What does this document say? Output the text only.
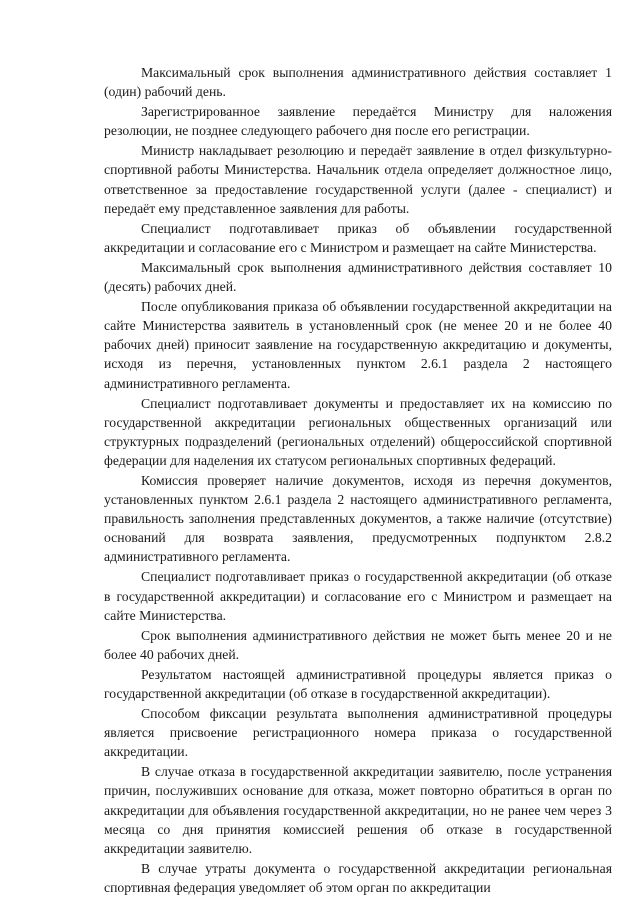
Максимальный срок выполнения административного действия составляет 1 (один) рабочий день.

Зарегистрированное заявление передаётся Министру для наложения резолюции, не позднее следующего рабочего дня после его регистрации.

Министр накладывает резолюцию и передаёт заявление в отдел физкультурно-спортивной работы Министерства. Начальник отдела определяет должностное лицо, ответственное за предоставление государственной услуги (далее - специалист) и передаёт ему представленное заявления для работы.

Специалист подготавливает приказ об объявлении государственной аккредитации и согласование его с Министром и размещает на сайте Министерства.

Максимальный срок выполнения административного действия составляет 10 (десять) рабочих дней.

После опубликования приказа об объявлении государственной аккредитации на сайте Министерства заявитель в установленный срок (не менее 20 и не более 40 рабочих дней) приносит заявление на государственную аккредитацию и документы, исходя из перечня, установленных пунктом 2.6.1 раздела 2 настоящего административного регламента.

Специалист подготавливает документы и предоставляет их на комиссию по государственной аккредитации региональных общественных организаций или структурных подразделений (региональных отделений) общероссийской спортивной федерации для наделения их статусом региональных спортивных федераций.

Комиссия проверяет наличие документов, исходя из перечня документов, установленных пунктом 2.6.1 раздела 2 настоящего административного регламента, правильность заполнения представленных документов, а также наличие (отсутствие) оснований для возврата заявления, предусмотренных подпунктом 2.8.2 административного регламента.

Специалист подготавливает приказ о государственной аккредитации (об отказе в государственной аккредитации) и согласование его с Министром и размещает на сайте Министерства.

Срок выполнения административного действия не может быть менее 20 и не более 40 рабочих дней.

Результатом настоящей административной процедуры является приказ о государственной аккредитации (об отказе в государственной аккредитации).

Способом фиксации результата выполнения административной процедуры является присвоение регистрационного номера приказа о государственной аккредитации.

В случае отказа в государственной аккредитации заявителю, после устранения причин, послуживших основание для отказа, может повторно обратиться в орган по аккредитации для объявления государственной аккредитации, но не ранее чем через 3 месяца со дня принятия комиссией решения об отказе в государственной аккредитации заявителю.

В случае утраты документа о государственной аккредитации региональная спортивная федерация уведомляет об этом орган по аккредитации
